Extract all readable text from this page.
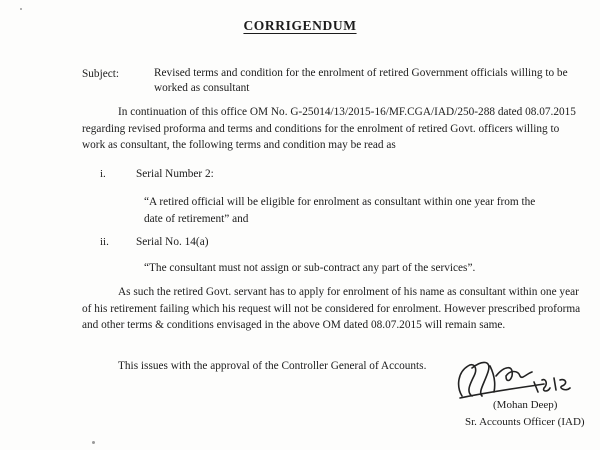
CORRIGENDUM
Subject:	Revised terms and condition for the enrolment of retired Government officials willing to be worked as consultant
In continuation of this office OM No. G-25014/13/2015-16/MF.CGA/IAD/250-288 dated 08.07.2015 regarding revised proforma and terms and conditions for the enrolment of retired Govt. officers willing to work as consultant, the following terms and condition may be read as
i.	Serial Number 2:
“A retired official will be eligible for enrolment as consultant within one year from the date of retirement” and
ii. Serial No. 14(a)
“The consultant must not assign or sub-contract any part of the services”.
As such the retired Govt. servant has to apply for enrolment of his name as consultant within one year of his retirement failing which his request will not be considered for enrolment. However prescribed proforma and other terms & conditions envisaged in the above OM dated 08.07.2015 will remain same.
This issues with the approval of the Controller General of Accounts.
(Mohan Deep)
Sr. Accounts Officer (IAD)
